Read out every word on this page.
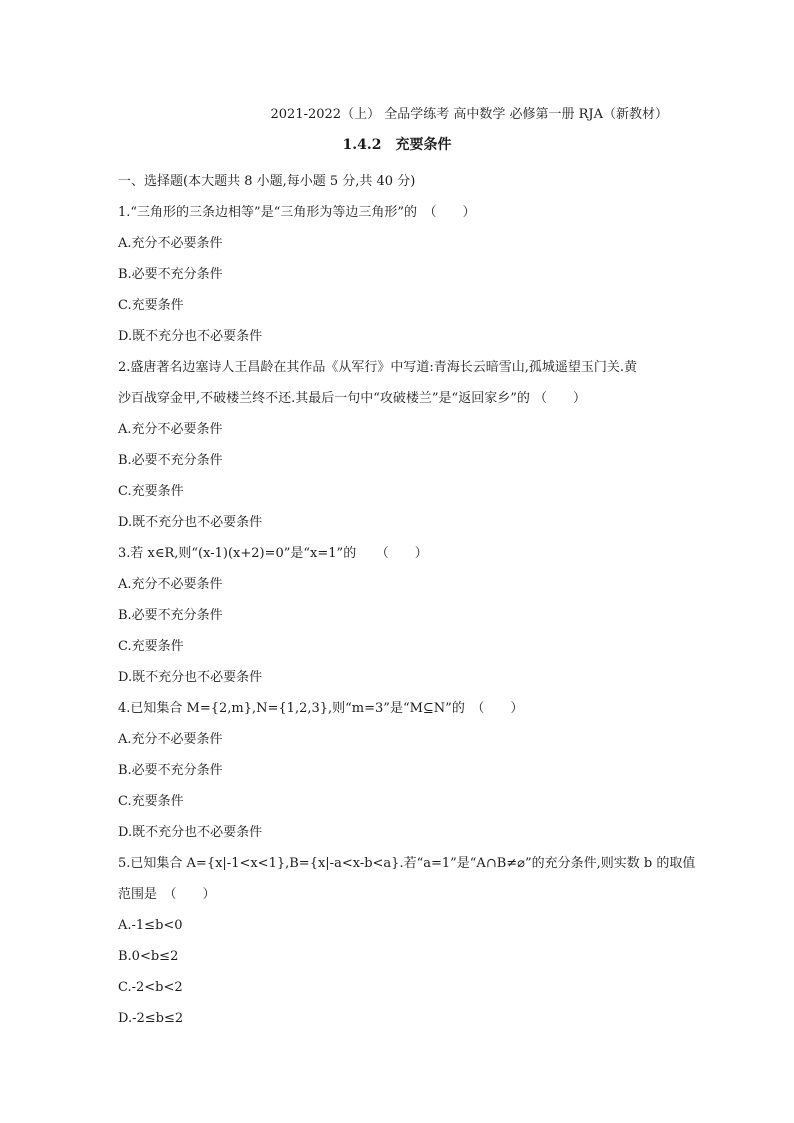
2021-2022（上） 全品学练考 高中数学 必修第一册 RJA（新教材）
1.4.2　充要条件
一、选择题(本大题共 8 小题,每小题 5 分,共 40 分)
1.“三角形的三条边相等”是“三角形为等边三角形”的　（　　）
A.充分不必要条件
B.必要不充分条件
C.充要条件
D.既不充分也不必要条件
2.盛唐著名边塞诗人王昌龄在其作品《从军行》中写道:青海长云暗雪山,孤城遥望玉门关.黄
沙百战穿金甲,不破楼兰终不还.其最后一句中“攻破楼兰”是“返回家乡”的 （　　）
A.充分不必要条件
B.必要不充分条件
C.充要条件
D.既不充分也不必要条件
3.若 x∈R,则“(x-1)(x+2)=0”是“x=1”的　　（　　）
A.充分不必要条件
B.必要不充分条件
C.充要条件
D.既不充分也不必要条件
4.已知集合 M={2,m},N={1,2,3},则“m=3”是“M⊆N”的　（　　）
A.充分不必要条件
B.必要不充分条件
C.充要条件
D.既不充分也不必要条件
5.已知集合 A={x|-1<x<1},B={x|-a<x-b<a}.若“a=1”是“A∩B≠⌀”的充分条件,则实数 b 的取值
范围是　（　　）
A.-1≤b<0
B.0<b≤2
C.-2<b<2
D.-2≤b≤2
